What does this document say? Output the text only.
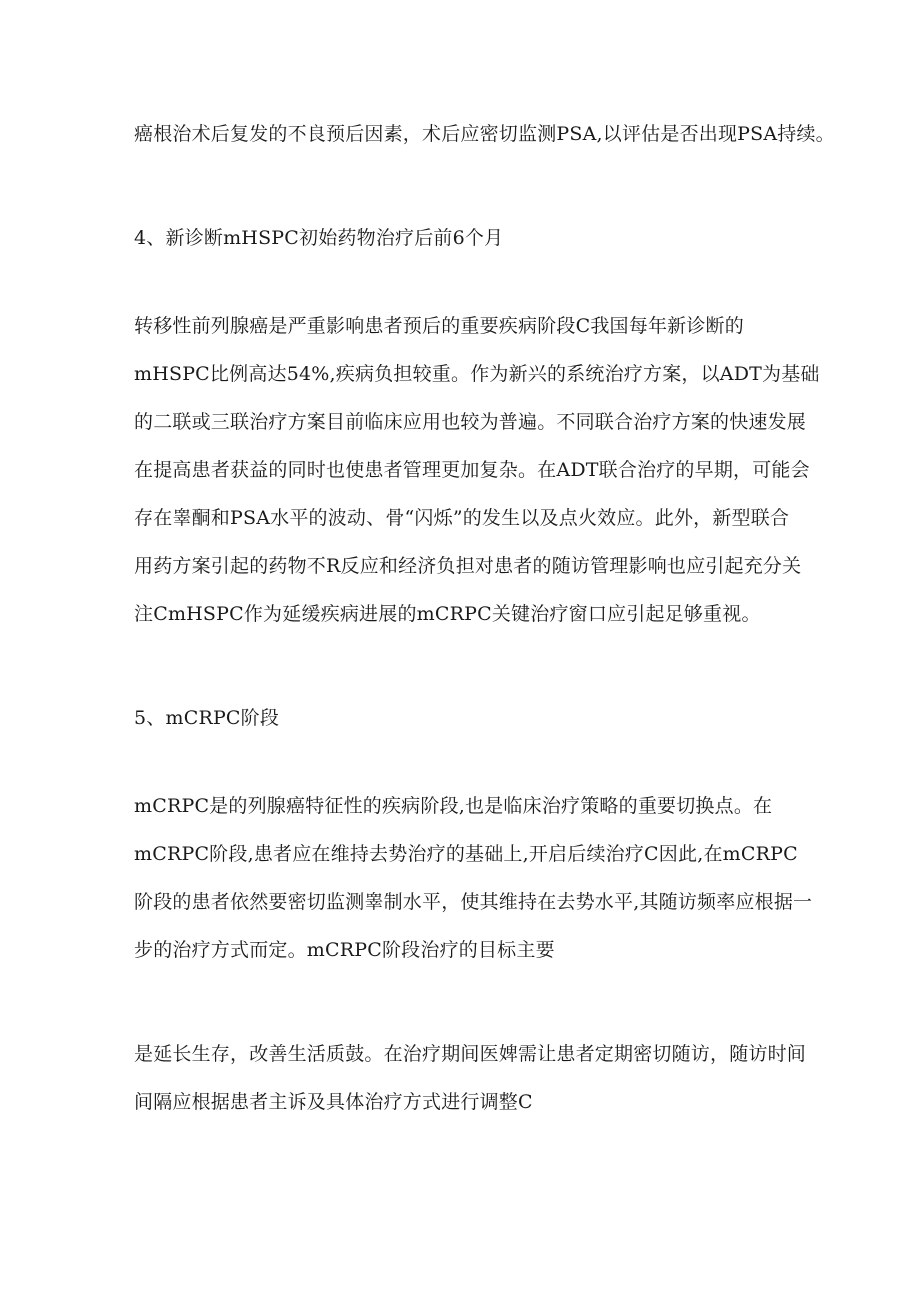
癌根治术后复发的不良预后因素，术后应密切监测PSA,以评估是否出现PSA持续。
4、新诊断mHSPC初始药物治疗后前6个月
转移性前列腺癌是严重影响患者预后的重要疾病阶段C我国每年新诊断的
mHSPC比例高达54%,疾病负担较重。作为新兴的系统治疗方案，以ADT为基础
的二联或三联治疗方案目前临床应用也较为普遍。不同联合治疗方案的快速发展
在提高患者获益的同时也使患者管理更加复杂。在ADT联合治疗的早期，可能会
存在睾酮和PSA水平的波动、骨“闪烁”的发生以及点火效应。此外，新型联合
用药方案引起的药物不R反应和经济负担对患者的随访管理影响也应引起充分关
注CmHSPC作为延缓疾病进展的mCRPC关键治疗窗口应引起足够重视。
5、mCRPC阶段
mCRPC是的列腺癌特征性的疾病阶段,也是临床治疗策略的重要切换点。在
mCRPC阶段,患者应在维持去势治疗的基础上,开启后续治疗C因此,在mCRPC
阶段的患者依然要密切监测睾制水平，使其维持在去势水平,其随访频率应根据一
步的治疗方式而定。mCRPC阶段治疗的目标主要
是延长生存，改善生活质鼓。在治疗期间医婢需让患者定期密切随访，随访时间
间隔应根据患者主诉及具体治疗方式进行调整C
